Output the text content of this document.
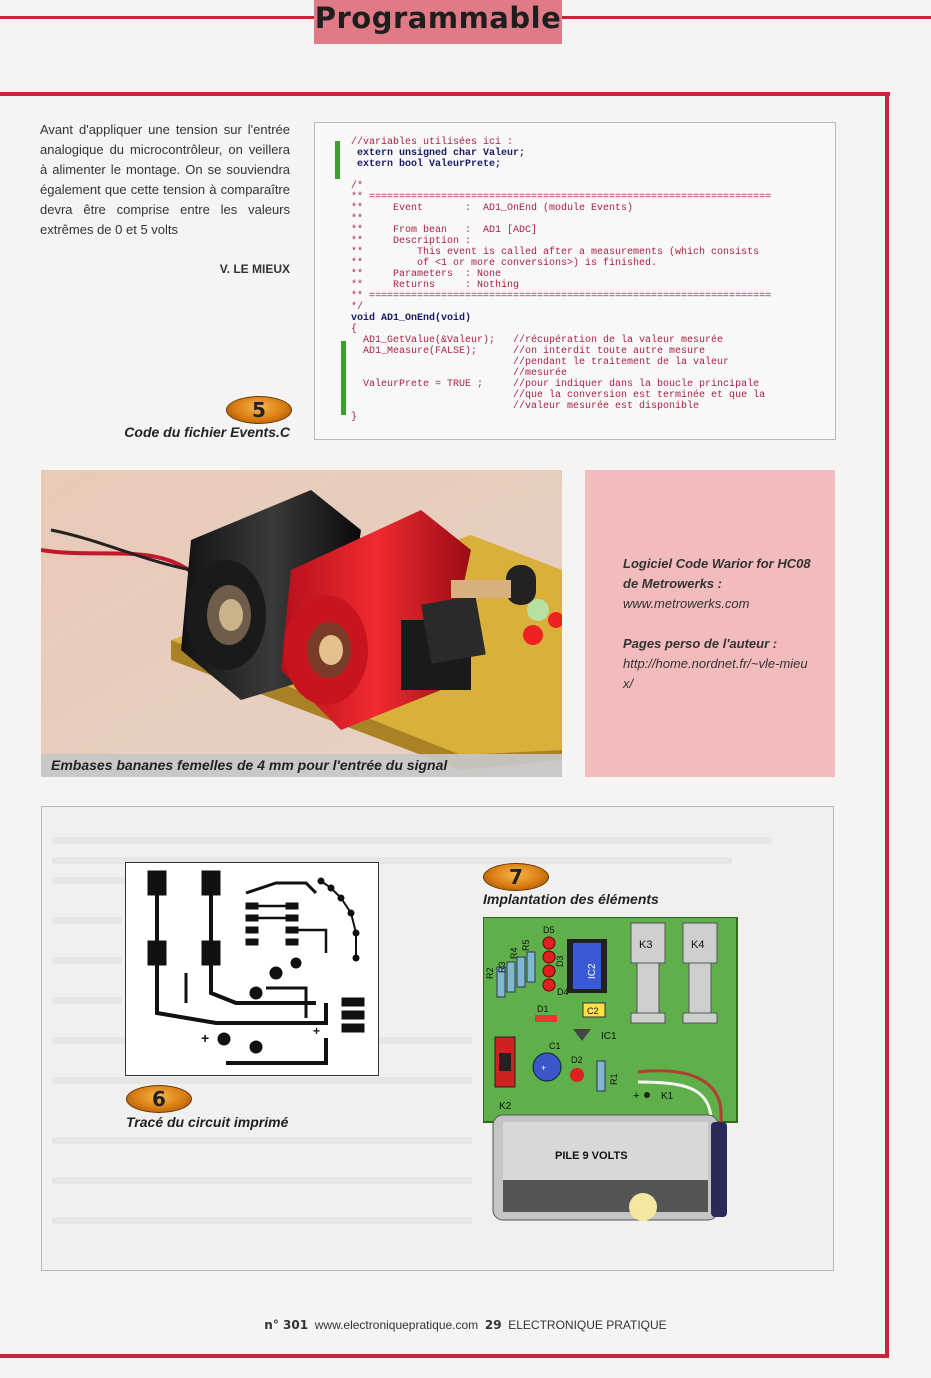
Programmable
Avant d'appliquer une tension sur l'entrée analogique du microcontrôleur, on veillera à alimenter le montage. On se souviendra également que cette tension à comparaître devra être comprise entre les valeurs extrêmes de 0 et 5 volts
V. LE MIEUX
5
Code du fichier Events.C
//variables utilisées ici :
extern unsigned char Valeur;
extern bool ValeurPrete;

/*
** ===================================================================
**     Event       :  AD1_OnEnd (module Events)
**
**     From bean   :  AD1 [ADC]
**     Description :
**         This event is called after a measurements (which consists
**         of <1 or more conversions>) is finished.
**     Parameters  : None
**     Returns     : Nothing
** ===================================================================
*/
void AD1_OnEnd(void)
{
AD1_GetValue(&Valeur);   //récupération de la valeur mesurée
AD1_Measure(FALSE);      //on interdit toute autre mesure
//pendant le traitement de la valeur
//mesurée
ValeurPrete = TRUE ;     //pour indiquer dans la boucle principale
//que la conversion est terminée et que la
//valeur mesurée est disponible
}

Embases bananes femelles de 4 mm pour l'entrée du signal
Logiciel Code Warior for HC08 de Metrowerks :
www.metrowerks.com
Pages perso de l'auteur :
http://home.nordnet.fr/~vle-mieux/
+	+
6
Tracé du circuit imprimé
7
Implantation des éléments
K3	K4
IC2
D5
D4
D3
R2
R3
R4
R5
D1	C2
IC1
K2
+
C1
D2
R1
+ K1
PILE 9 VOLTS
n° 301 www.electroniquepratique.com 29 ELECTRONIQUE PRATIQUE
